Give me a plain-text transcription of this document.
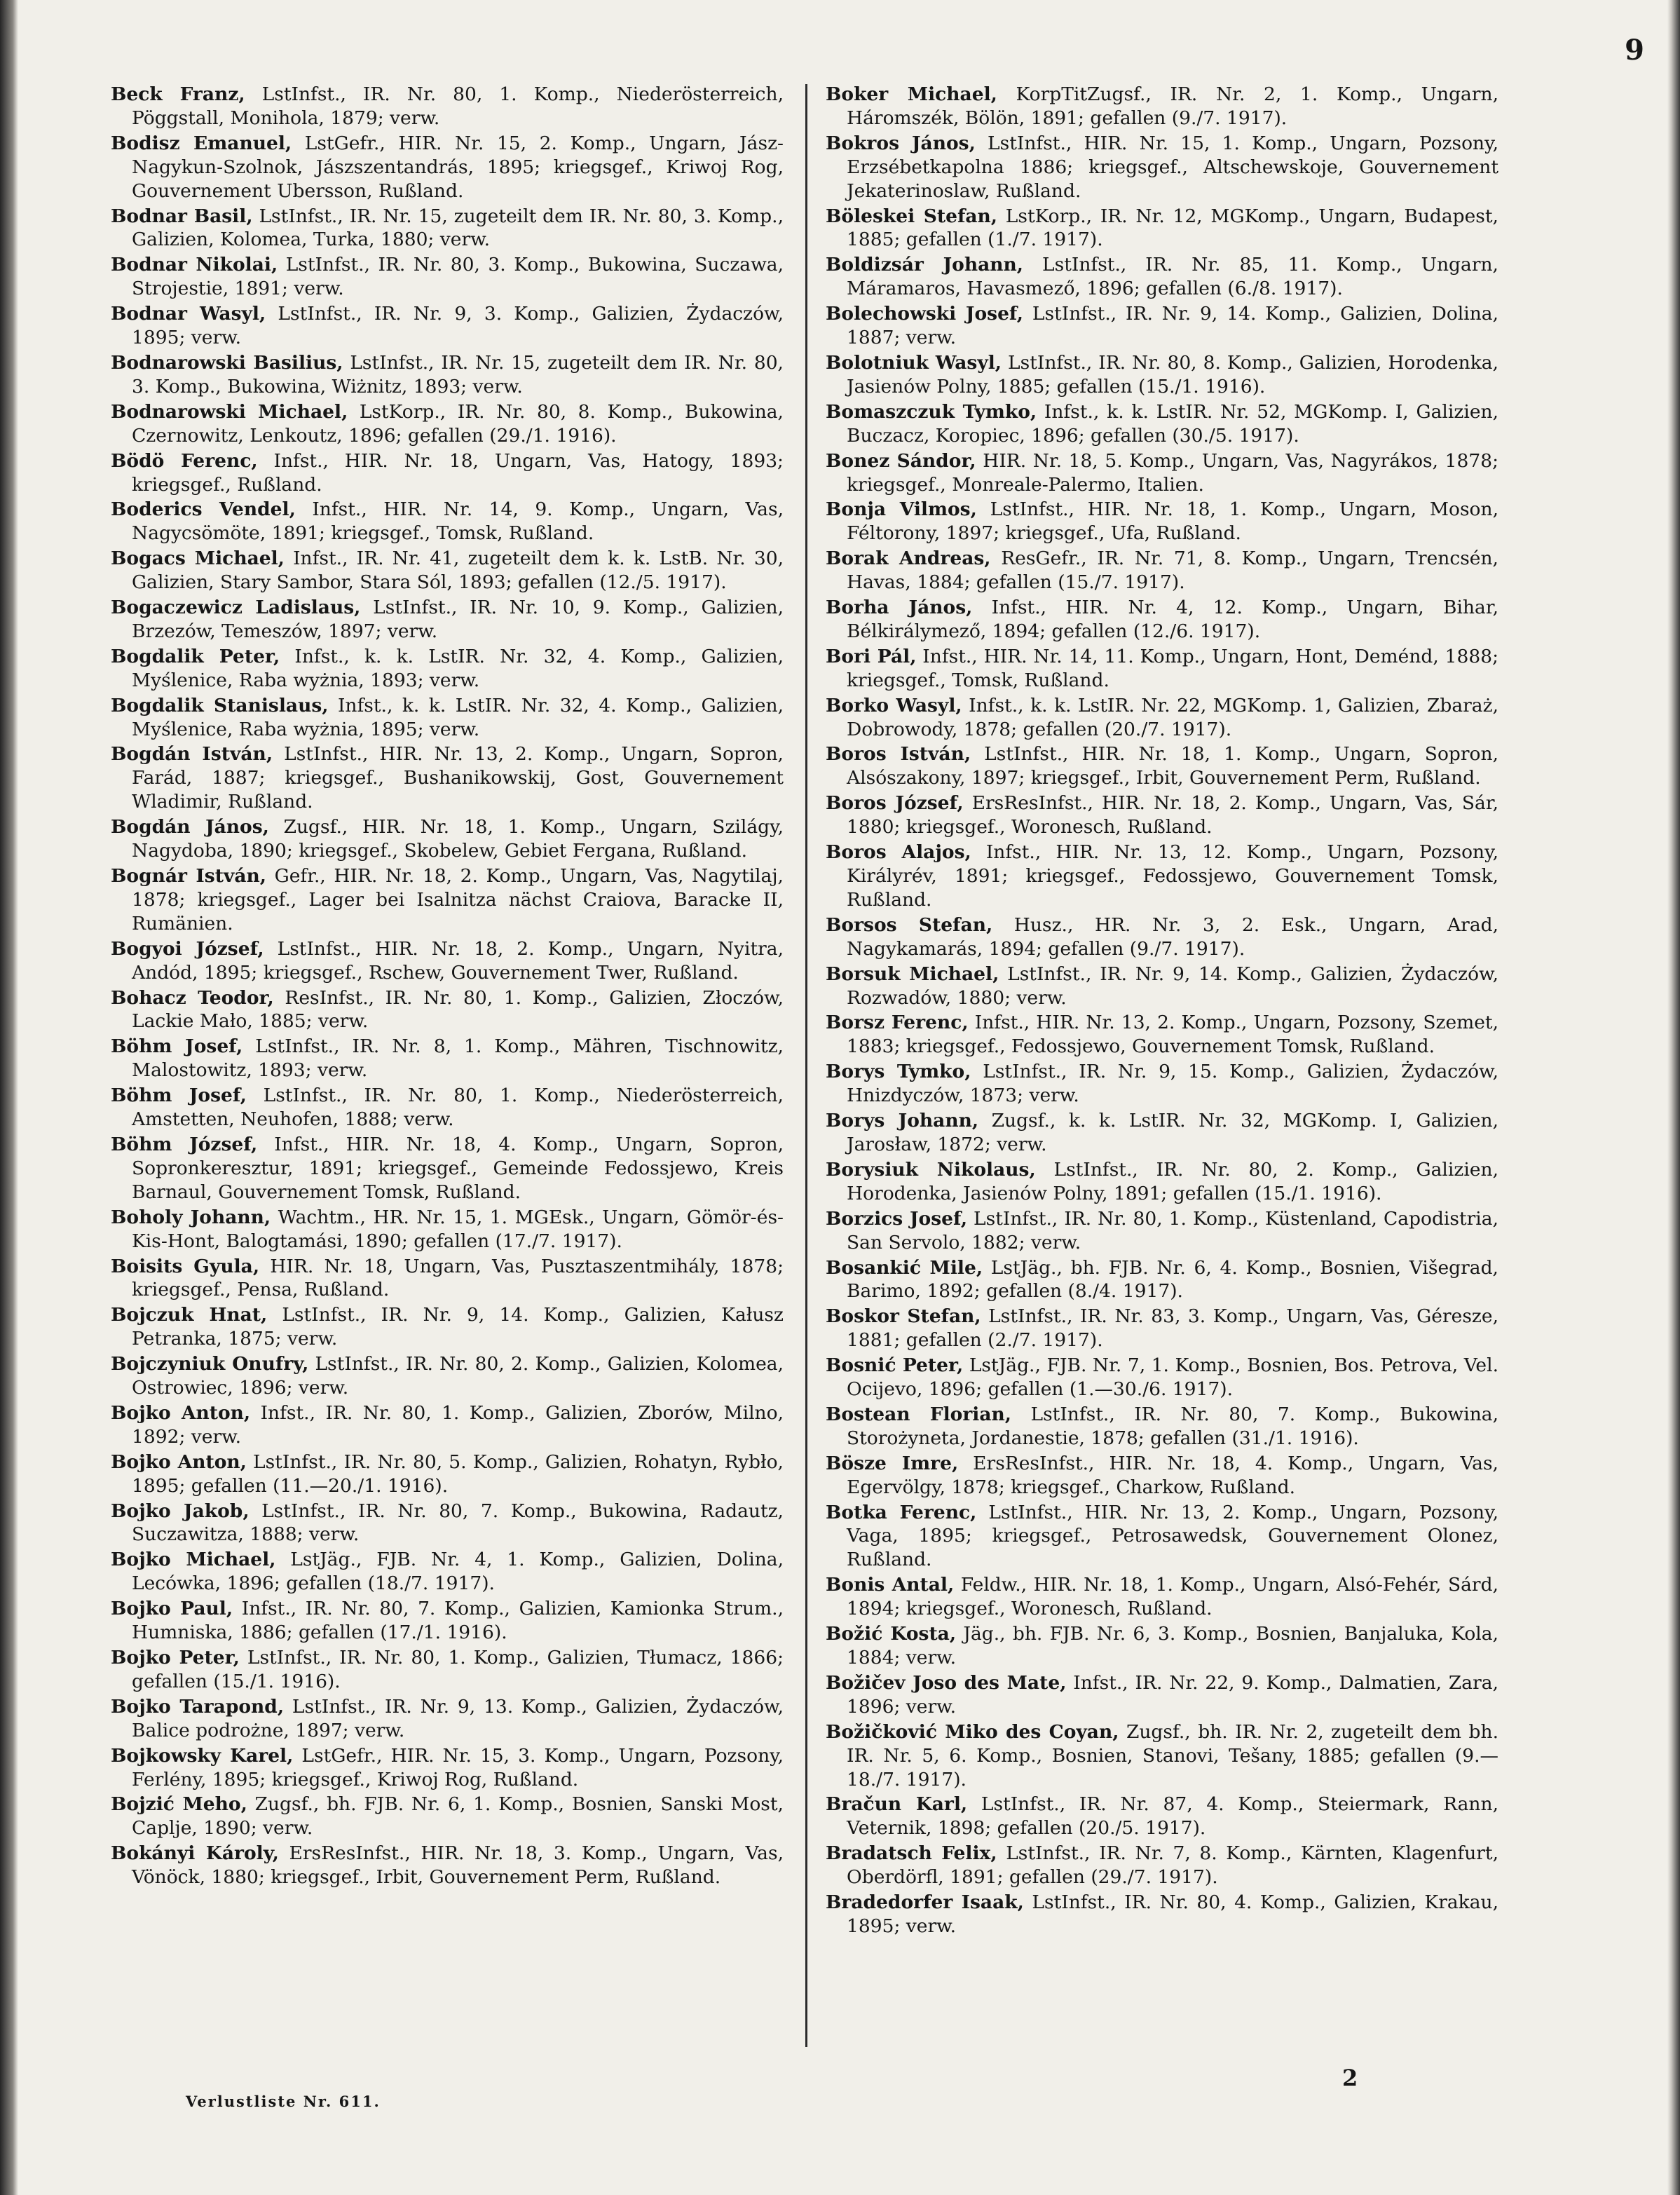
9

Beck Franz, LstInfst., IR. Nr. 80, 1. Komp., Niederösterreich, Pöggstall, Monihola, 1879; verw.

Bodisz Emanuel, LstGefr., HIR. Nr. 15, 2. Komp., Ungarn, Jász-Nagykun-Szolnok, Jászszentandrás, 1895; kriegsgef., Kriwoj Rog, Gouvernement Ubersson, Rußland.

Bodnar Basil, LstInfst., IR. Nr. 15, zugeteilt dem IR. Nr. 80, 3. Komp., Galizien, Kolomea, Turka, 1880; verw.

Bodnar Nikolai, LstInfst., IR. Nr. 80, 3. Komp., Bukowina, Suczawa, Strojestie, 1891; verw.

Bodnar Wasyl, LstInfst., IR. Nr. 9, 3. Komp., Galizien, Żydaczów, 1895; verw.

Bodnarowski Basilius, LstInfst., IR. Nr. 15, zugeteilt dem IR. Nr. 80, 3. Komp., Bukowina, Wiżnitz, 1893; verw.

Bodnarowski Michael, LstKorp., IR. Nr. 80, 8. Komp., Bukowina, Czernowitz, Lenkoutz, 1896; gefallen (29./1. 1916).

Bödö Ferenc, Infst., HIR. Nr. 18, Ungarn, Vas, Hatogy, 1893; kriegsgef., Rußland.

Boderics Vendel, Infst., HIR. Nr. 14, 9. Komp., Ungarn, Vas, Nagycsömöte, 1891; kriegsgef., Tomsk, Rußland.

Bogacs Michael, Infst., IR. Nr. 41, zugeteilt dem k. k. LstB. Nr. 30, Galizien, Stary Sambor, Stara Sól, 1893; gefallen (12./5. 1917).

Bogaczewicz Ladislaus, LstInfst., IR. Nr. 10, 9. Komp., Galizien, Brzezów, Temeszów, 1897; verw.

Bogdalik Peter, Infst., k. k. LstIR. Nr. 32, 4. Komp., Galizien, Myślenice, Raba wyżnia, 1893; verw.

Bogdalik Stanislaus, Infst., k. k. LstIR. Nr. 32, 4. Komp., Galizien, Myślenice, Raba wyżnia, 1895; verw.

Bogdán István, LstInfst., HIR. Nr. 13, 2. Komp., Ungarn, Sopron, Farád, 1887; kriegsgef., Bushanikowskij, Gost, Gouvernement Wladimir, Rußland.

Bogdán János, Zugsf., HIR. Nr. 18, 1. Komp., Ungarn, Szilágy, Nagydoba, 1890; kriegsgef., Skobelew, Gebiet Fergana, Rußland.

Bognár István, Gefr., HIR. Nr. 18, 2. Komp., Ungarn, Vas, Nagytilaj, 1878; kriegsgef., Lager bei Isalnitza nächst Craiova, Baracke II, Rumänien.

Bogyoi József, LstInfst., HIR. Nr. 18, 2. Komp., Ungarn, Nyitra, Andód, 1895; kriegsgef., Rschew, Gouvernement Twer, Rußland.

Bohacz Teodor, ResInfst., IR. Nr. 80, 1. Komp., Galizien, Złoczów, Lackie Mało, 1885; verw.

Böhm Josef, LstInfst., IR. Nr. 8, 1. Komp., Mähren, Tischnowitz, Malostowitz, 1893; verw.

Böhm Josef, LstInfst., IR. Nr. 80, 1. Komp., Niederösterreich, Amstetten, Neuhofen, 1888; verw.

Böhm József, Infst., HIR. Nr. 18, 4. Komp., Ungarn, Sopron, Sopronkeresztur, 1891; kriegsgef., Gemeinde Fedossjewo, Kreis Barnaul, Gouvernement Tomsk, Rußland.

Boholy Johann, Wachtm., HR. Nr. 15, 1. MGEsk., Ungarn, Gömör-és-Kis-Hont, Balogtamási, 1890; gefallen (17./7. 1917).

Boisits Gyula, HIR. Nr. 18, Ungarn, Vas, Pusztaszentmihály, 1878; kriegsgef., Pensa, Rußland.

Bojczuk Hnat, LstInfst., IR. Nr. 9, 14. Komp., Galizien, Kałusz Petranka, 1875; verw.

Bojczyniuk Onufry, LstInfst., IR. Nr. 80, 2. Komp., Galizien, Kolomea, Ostrowiec, 1896; verw.

Bojko Anton, Infst., IR. Nr. 80, 1. Komp., Galizien, Zborów, Milno, 1892; verw.

Bojko Anton, LstInfst., IR. Nr. 80, 5. Komp., Galizien, Rohatyn, Rybło, 1895; gefallen (11.—20./1. 1916).

Bojko Jakob, LstInfst., IR. Nr. 80, 7. Komp., Bukowina, Radautz, Suczawitza, 1888; verw.

Bojko Michael, LstJäg., FJB. Nr. 4, 1. Komp., Galizien, Dolina, Lecówka, 1896; gefallen (18./7. 1917).

Bojko Paul, Infst., IR. Nr. 80, 7. Komp., Galizien, Kamionka Strum., Humniska, 1886; gefallen (17./1. 1916).

Bojko Peter, LstInfst., IR. Nr. 80, 1. Komp., Galizien, Tłumacz, 1866; gefallen (15./1. 1916).

Bojko Tarapond, LstInfst., IR. Nr. 9, 13. Komp., Galizien, Żydaczów, Balice podrożne, 1897; verw.

Bojkowsky Karel, LstGefr., HIR. Nr. 15, 3. Komp., Ungarn, Pozsony, Ferlény, 1895; kriegsgef., Kriwoj Rog, Rußland.

Bojzić Meho, Zugsf., bh. FJB. Nr. 6, 1. Komp., Bosnien, Sanski Most, Caplje, 1890; verw.

Bokányi Károly, ErsResInfst., HIR. Nr. 18, 3. Komp., Ungarn, Vas, Vönöck, 1880; kriegsgef., Irbit, Gouvernement Perm, Rußland.

Boker Michael, KorpTitZugsf., IR. Nr. 2, 1. Komp., Ungarn, Háromszék, Bölön, 1891; gefallen (9./7. 1917).

Bokros János, LstInfst., HIR. Nr. 15, 1. Komp., Ungarn, Pozsony, Erzsébetkapolna 1886; kriegsgef., Altschewskoje, Gouvernement Jekaterinoslaw, Rußland.

Böleskei Stefan, LstKorp., IR. Nr. 12, MGKomp., Ungarn, Budapest, 1885; gefallen (1./7. 1917).

Boldizsár Johann, LstInfst., IR. Nr. 85, 11. Komp., Ungarn, Máramaros, Havasmező, 1896; gefallen (6./8. 1917).

Bolechowski Josef, LstInfst., IR. Nr. 9, 14. Komp., Galizien, Dolina, 1887; verw.

Bolotniuk Wasyl, LstInfst., IR. Nr. 80, 8. Komp., Galizien, Horodenka, Jasienów Polny, 1885; gefallen (15./1. 1916).

Bomaszczuk Tymko, Infst., k. k. LstIR. Nr. 52, MGKomp. I, Galizien, Buczacz, Koropiec, 1896; gefallen (30./5. 1917).

Bonez Sándor, HIR. Nr. 18, 5. Komp., Ungarn, Vas, Nagyrákos, 1878; kriegsgef., Monreale-Palermo, Italien.

Bonja Vilmos, LstInfst., HIR. Nr. 18, 1. Komp., Ungarn, Moson, Féltorony, 1897; kriegsgef., Ufa, Rußland.

Borak Andreas, ResGefr., IR. Nr. 71, 8. Komp., Ungarn, Trencsén, Havas, 1884; gefallen (15./7. 1917).

Borha János, Infst., HIR. Nr. 4, 12. Komp., Ungarn, Bihar, Bélkirálymező, 1894; gefallen (12./6. 1917).

Bori Pál, Infst., HIR. Nr. 14, 11. Komp., Ungarn, Hont, Deménd, 1888; kriegsgef., Tomsk, Rußland.

Borko Wasyl, Infst., k. k. LstIR. Nr. 22, MGKomp. 1, Galizien, Zbaraż, Dobrowody, 1878; gefallen (20./7. 1917).

Boros István, LstInfst., HIR. Nr. 18, 1. Komp., Ungarn, Sopron, Alsószakony, 1897; kriegsgef., Irbit, Gouvernement Perm, Rußland.

Boros József, ErsResInfst., HIR. Nr. 18, 2. Komp., Ungarn, Vas, Sár, 1880; kriegsgef., Woronesch, Rußland.

Boros Alajos, Infst., HIR. Nr. 13, 12. Komp., Ungarn, Pozsony, Királyrév, 1891; kriegsgef., Fedossjewo, Gouvernement Tomsk, Rußland.

Borsos Stefan, Husz., HR. Nr. 3, 2. Esk., Ungarn, Arad, Nagykamarás, 1894; gefallen (9./7. 1917).

Borsuk Michael, LstInfst., IR. Nr. 9, 14. Komp., Galizien, Żydaczów, Rozwadów, 1880; verw.

Borsz Ferenc, Infst., HIR. Nr. 13, 2. Komp., Ungarn, Pozsony, Szemet, 1883; kriegsgef., Fedossjewo, Gouvernement Tomsk, Rußland.

Borys Tymko, LstInfst., IR. Nr. 9, 15. Komp., Galizien, Żydaczów, Hnizdyczów, 1873; verw.

Borys Johann, Zugsf., k. k. LstIR. Nr. 32, MGKomp. I, Galizien, Jarosław, 1872; verw.

Borysiuk Nikolaus, LstInfst., IR. Nr. 80, 2. Komp., Galizien, Horodenka, Jasienów Polny, 1891; gefallen (15./1. 1916).

Borzics Josef, LstInfst., IR. Nr. 80, 1. Komp., Küstenland, Capodistria, San Servolo, 1882; verw.

Bosankić Mile, LstJäg., bh. FJB. Nr. 6, 4. Komp., Bosnien, Višegrad, Barimo, 1892; gefallen (8./4. 1917).

Boskor Stefan, LstInfst., IR. Nr. 83, 3. Komp., Ungarn, Vas, Géresze, 1881; gefallen (2./7. 1917).

Bosnić Peter, LstJäg., FJB. Nr. 7, 1. Komp., Bosnien, Bos. Petrova, Vel. Ocijevo, 1896; gefallen (1.—30./6. 1917).

Bostean Florian, LstInfst., IR. Nr. 80, 7. Komp., Bukowina, Storożyneta, Jordanestie, 1878; gefallen (31./1. 1916).

Bösze Imre, ErsResInfst., HIR. Nr. 18, 4. Komp., Ungarn, Vas, Egervölgy, 1878; kriegsgef., Charkow, Rußland.

Botka Ferenc, LstInfst., HIR. Nr. 13, 2. Komp., Ungarn, Pozsony, Vaga, 1895; kriegsgef., Petrosawedsk, Gouvernement Olonez, Rußland.

Bonis Antal, Feldw., HIR. Nr. 18, 1. Komp., Ungarn, Alsó-Fehér, Sárd, 1894; kriegsgef., Woronesch, Rußland.

Božić Kosta, Jäg., bh. FJB. Nr. 6, 3. Komp., Bosnien, Banjaluka, Kola, 1884; verw.

Božičev Joso des Mate, Infst., IR. Nr. 22, 9. Komp., Dalmatien, Zara, 1896; verw.

Božičković Miko des Coyan, Zugsf., bh. IR. Nr. 2, zugeteilt dem bh. IR. Nr. 5, 6. Komp., Bosnien, Stanovi, Tešany, 1885; gefallen (9.—18./7. 1917).

Bračun Karl, LstInfst., IR. Nr. 87, 4. Komp., Steiermark, Rann, Veternik, 1898; gefallen (20./5. 1917).

Bradatsch Felix, LstInfst., IR. Nr. 7, 8. Komp., Kärnten, Klagenfurt, Oberdörfl, 1891; gefallen (29./7. 1917).

Bradedorfer Isaak, LstInfst., IR. Nr. 80, 4. Komp., Galizien, Krakau, 1895; verw.

Verlustliste Nr. 611.
2
